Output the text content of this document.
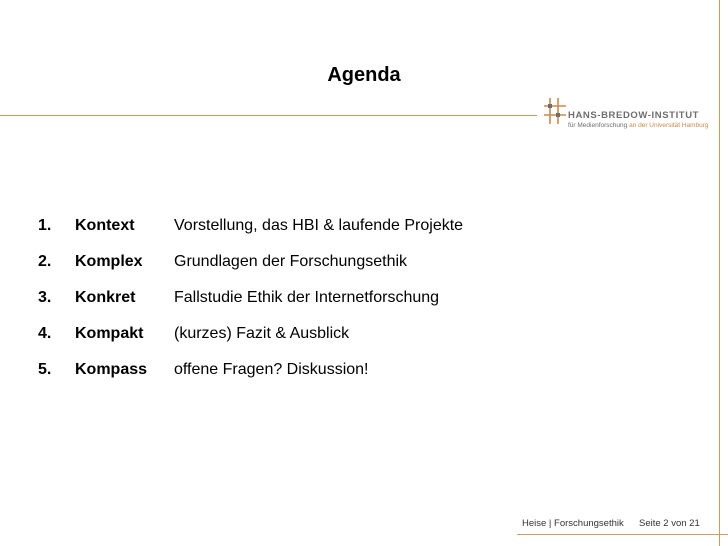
Agenda
HANS-BREDOW-INSTITUT
für Medienforschung an der Universität Hamburg
1. Kontext Vorstellung, das HBI & laufende Projekte
2. Komplex Grundlagen der Forschungsethik
3. Konkret Fallstudie Ethik der Internetforschung
4. Kompakt (kurzes) Fazit & Ausblick
5. Kompass offene Fragen? Diskussion!
Heise | Forschungsethik Seite 2 von 21
